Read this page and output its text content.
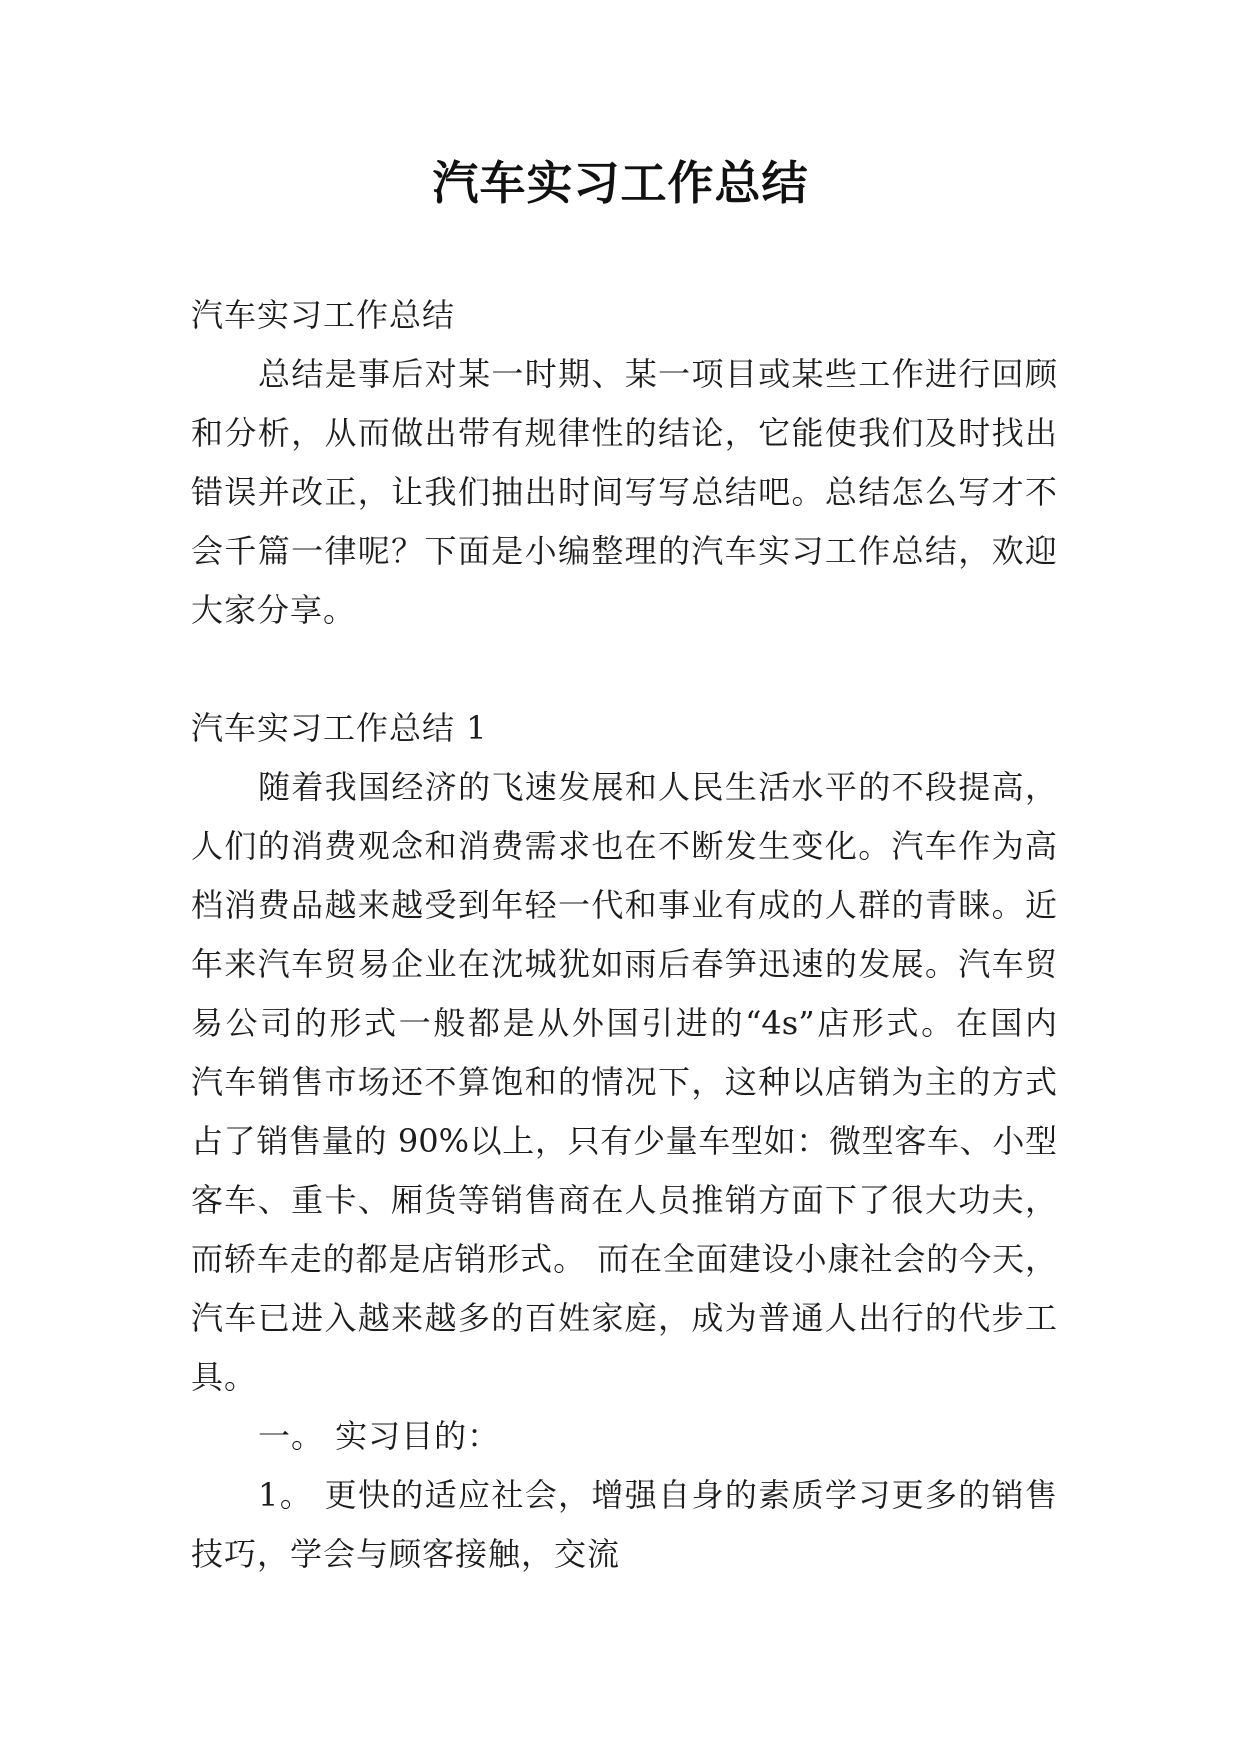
汽车实习工作总结
汽车实习工作总结
总结是事后对某一时期、某一项目或某些工作进行回顾
和分析，从而做出带有规律性的结论，它能使我们及时找出
错误并改正，让我们抽出时间写写总结吧。总结怎么写才不
会千篇一律呢？下面是小编整理的汽车实习工作总结，欢迎
大家分享。
汽车实习工作总结 1
随着我国经济的飞速发展和人民生活水平的不段提高，
人们的消费观念和消费需求也在不断发生变化。汽车作为高
档消费品越来越受到年轻一代和事业有成的人群的青睐。近
年来汽车贸易企业在沈城犹如雨后春笋迅速的发展。汽车贸
易公司的形式一般都是从外国引进的“4s”店形式。在国内
汽车销售市场还不算饱和的情况下，这种以店销为主的方式
占了销售量的 90%以上，只有少量车型如：微型客车、小型
客车、重卡、厢货等销售商在人员推销方面下了很大功夫，
而轿车走的都是店销形式。 而在全面建设小康社会的今天，
汽车已进入越来越多的百姓家庭，成为普通人出行的代步工
具。
一。 实习目的：
1。 更快的适应社会，增强自身的素质学习更多的销售
技巧，学会与顾客接触，交流
